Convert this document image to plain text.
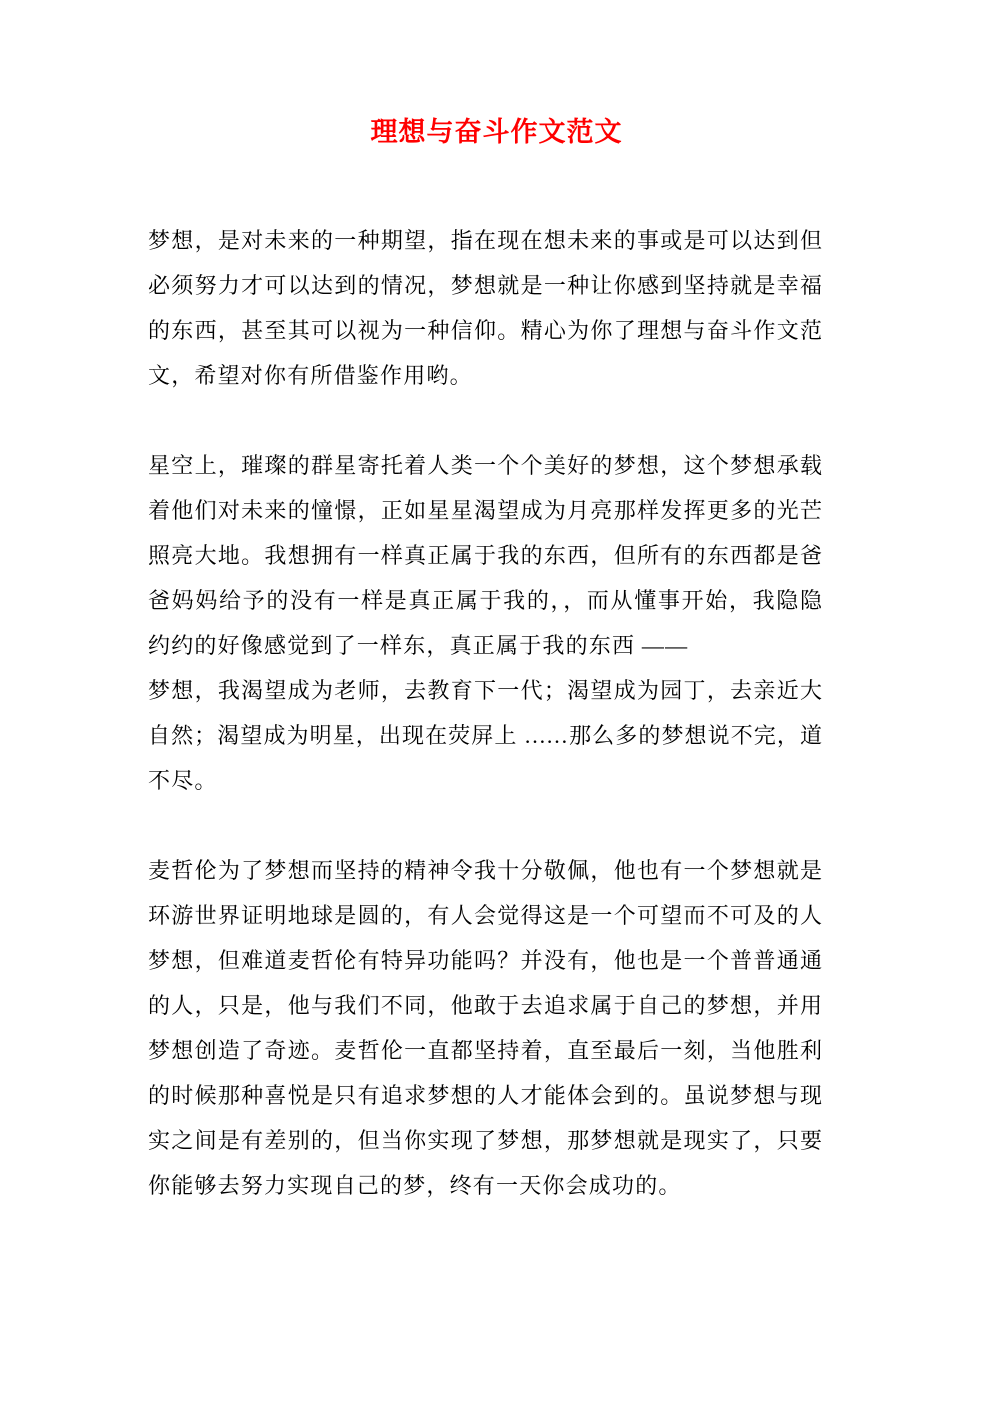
理想与奋斗作文范文

梦想，是对未来的一种期望，指在现在想未来的事或是可以达到但
必须努力才可以达到的情况，梦想就是一种让你感到坚持就是幸福
的东西，甚至其可以视为一种信仰。精心为你了理想与奋斗作文范
文，希望对你有所借鉴作用哟。

星空上，璀璨的群星寄托着人类一个个美好的梦想，这个梦想承载
着他们对未来的憧憬，正如星星渴望成为月亮那样发挥更多的光芒
照亮大地。我想拥有一样真正属于我的东西，但所有的东西都是爸
爸妈妈给予的没有一样是真正属于我的，，而从懂事开始，我隐隐
约约的好像感觉到了一样东，真正属于我的东西 ——
梦想，我渴望成为老师，去教育下一代；渴望成为园丁，去亲近大
自然；渴望成为明星，出现在荧屏上 ……那么多的梦想说不完，道
不尽。

麦哲伦为了梦想而坚持的精神令我十分敬佩，他也有一个梦想就是
环游世界证明地球是圆的，有人会觉得这是一个可望而不可及的人
梦想，但难道麦哲伦有特异功能吗？并没有，他也是一个普普通通
的人，只是，他与我们不同，他敢于去追求属于自己的梦想，并用
梦想创造了奇迹。麦哲伦一直都坚持着，直至最后一刻，当他胜利
的时候那种喜悦是只有追求梦想的人才能体会到的。虽说梦想与现
实之间是有差别的，但当你实现了梦想，那梦想就是现实了，只要
你能够去努力实现自己的梦，终有一天你会成功的。
